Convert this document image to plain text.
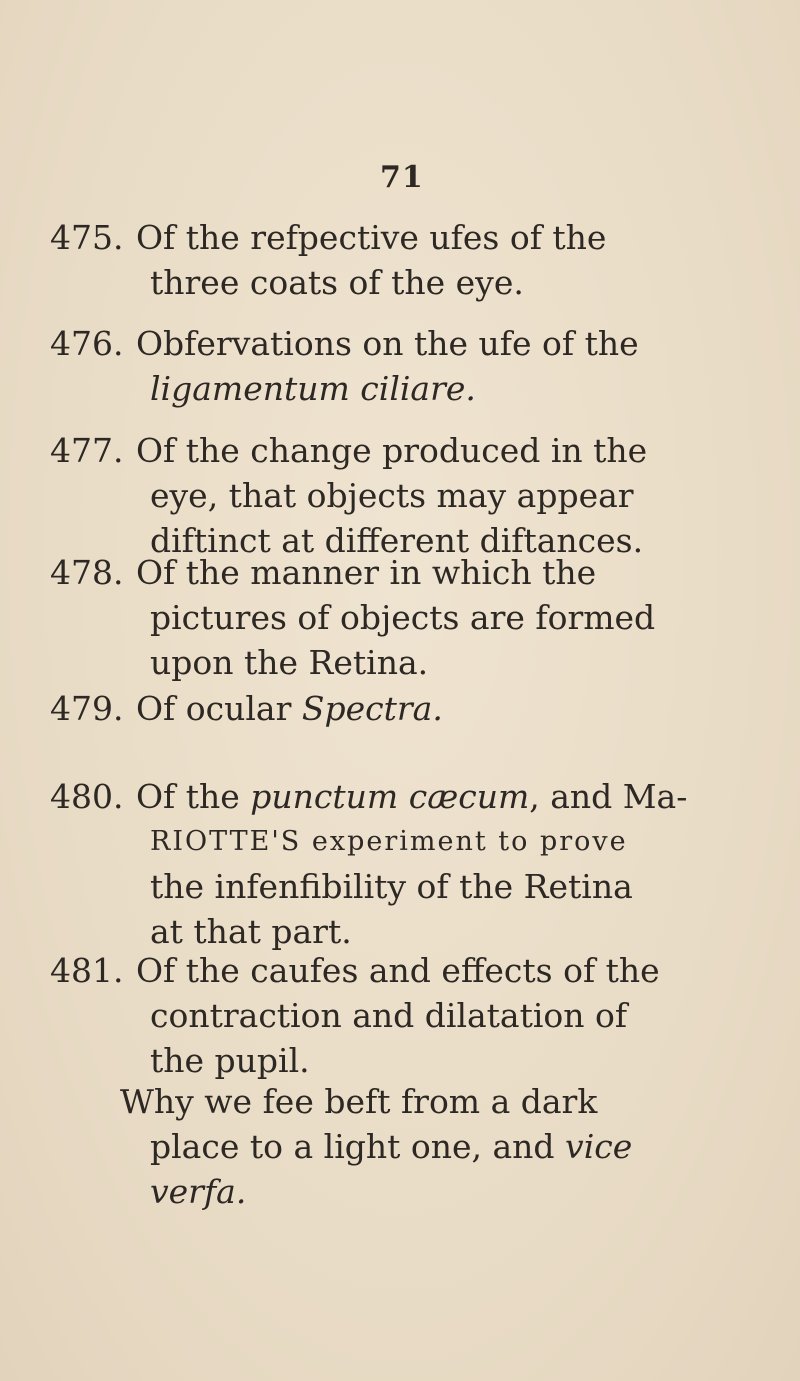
71
475. Of the refpective ufes of the
three coats of the eye.
476. Obfervations on the ufe of the
ligamentum ciliare.
477. Of the change produced in the
eye, that objects may appear
diftinct at different diftances.
478. Of the manner in which the
pictures of objects are formed
upon the Retina.
479. Of ocular Spectra.
480. Of the punctum cæcum, and Ma-
RIOTTE'S experiment to prove
the infenfibility of the Retina
at that part.
481. Of the caufes and effects of the
contraction and dilatation of
the pupil.
Why we fee beft from a dark
place to a light one, and vice
verfa.
